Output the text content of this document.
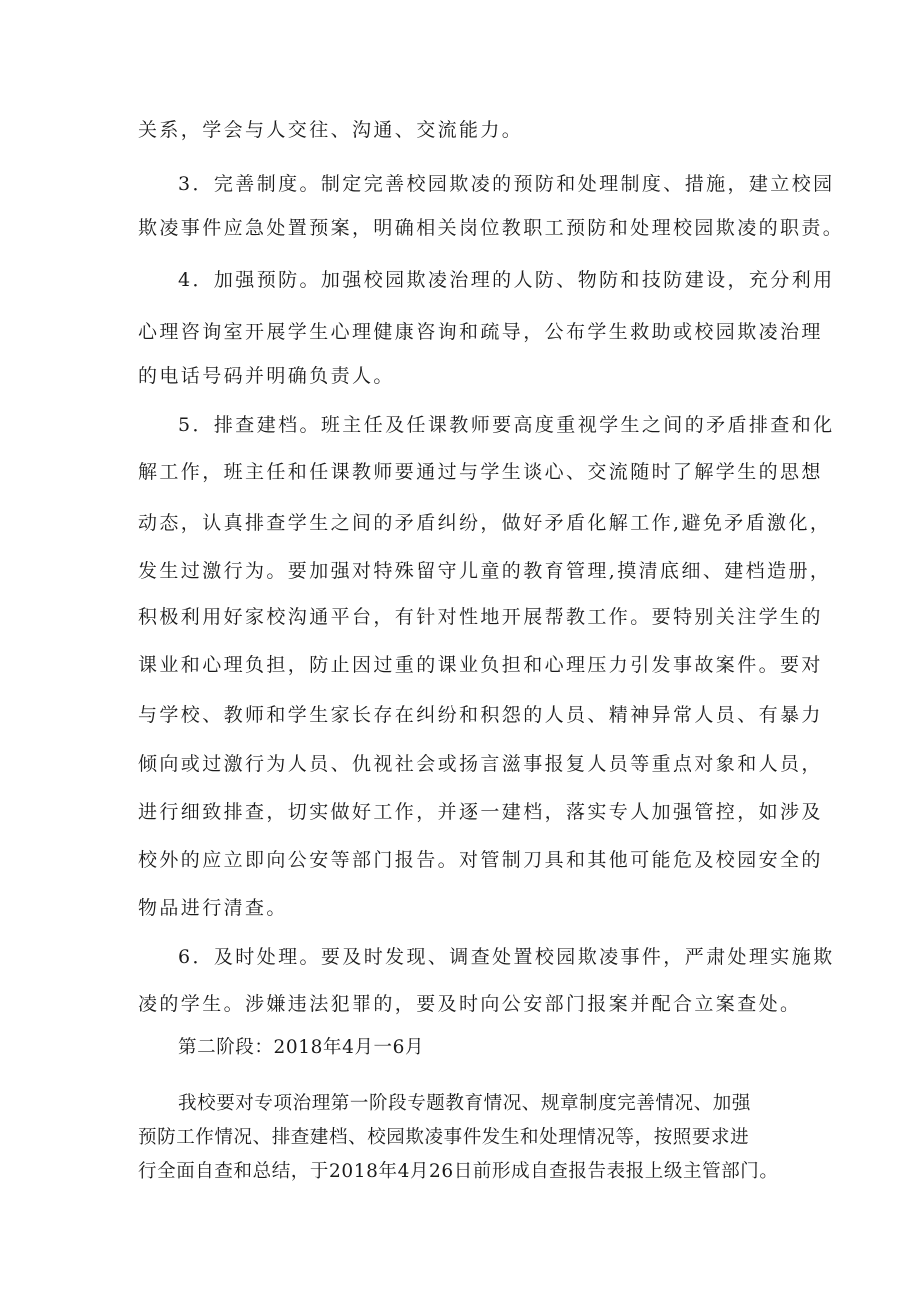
关系，学会与人交往、沟通、交流能力。
3．完善制度。制定完善校园欺凌的预防和处理制度、措施，建立校园
欺凌事件应急处置预案，明确相关岗位教职工预防和处理校园欺凌的职责。
4．加强预防。加强校园欺凌治理的人防、物防和技防建设，充分利用
心理咨询室开展学生心理健康咨询和疏导，公布学生救助或校园欺凌治理
的电话号码并明确负责人。
5．排查建档。班主任及任课教师要高度重视学生之间的矛盾排查和化
解工作，班主任和任课教师要通过与学生谈心、交流随时了解学生的思想
动态，认真排查学生之间的矛盾纠纷，做好矛盾化解工作,避免矛盾激化，
发生过激行为。要加强对特殊留守儿童的教育管理,摸清底细、建档造册，
积极利用好家校沟通平台，有针对性地开展帮教工作。要特别关注学生的
课业和心理负担，防止因过重的课业负担和心理压力引发事故案件。要对
与学校、教师和学生家长存在纠纷和积怨的人员、精神异常人员、有暴力
倾向或过激行为人员、仇视社会或扬言滋事报复人员等重点对象和人员，
进行细致排查，切实做好工作，并逐一建档，落实专人加强管控，如涉及
校外的应立即向公安等部门报告。对管制刀具和其他可能危及校园安全的
物品进行清查。
6．及时处理。要及时发现、调查处置校园欺凌事件，严肃处理实施欺
凌的学生。涉嫌违法犯罪的，要及时向公安部门报案并配合立案查处。
第二阶段：2018年4月一6月
我校要对专项治理第一阶段专题教育情况、规章制度完善情况、加强
预防工作情况、排查建档、校园欺凌事件发生和处理情况等，按照要求进
行全面自查和总结，于2018年4月26日前形成自查报告表报上级主管部门。
